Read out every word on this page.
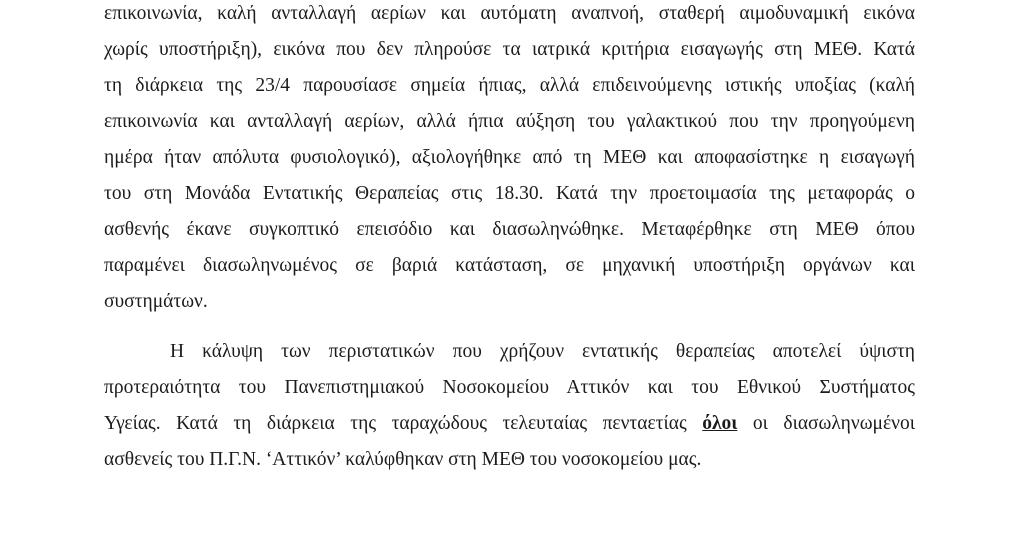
επικοινωνία, καλή ανταλλαγή αερίων και αυτόματη αναπνοή, σταθερή αιμοδυναμική εικόνα
χωρίς υποστήριξη), εικόνα που δεν πληρούσε τα ιατρικά κριτήρια εισαγωγής στη ΜΕΘ. Κατά
τη διάρκεια της 23/4 παρουσίασε σημεία ήπιας, αλλά επιδεινούμενης ιστικής υποξίας (καλή
επικοινωνία και ανταλλαγή αερίων, αλλά ήπια αύξηση του γαλακτικού που την προηγούμενη
ημέρα ήταν απόλυτα φυσιολογικό), αξιολογήθηκε από τη ΜΕΘ και αποφασίστηκε η εισαγωγή
του στη Μονάδα Εντατικής Θεραπείας στις 18.30. Κατά την προετοιμασία της μεταφοράς ο
ασθενής έκανε συγκοπτικό επεισόδιο και διασωληνώθηκε. Μεταφέρθηκε στη ΜΕΘ όπου
παραμένει διασωληνωμένος σε βαριά κατάσταση, σε μηχανική υποστήριξη οργάνων και
συστημάτων.
Η κάλυψη των περιστατικών που χρήζουν εντατικής θεραπείας αποτελεί ύψιστη
προτεραιότητα του Πανεπιστημιακού Νοσοκομείου Αττικόν και του Εθνικού Συστήματος
Υγείας. Κατά τη διάρκεια της ταραχώδους τελευταίας πενταετίας όλοι οι διασωληνωμένοι
ασθενείς του Π.Γ.Ν. ‘Αττικόν’ καλύφθηκαν στη ΜΕΘ του νοσοκομείου μας.
